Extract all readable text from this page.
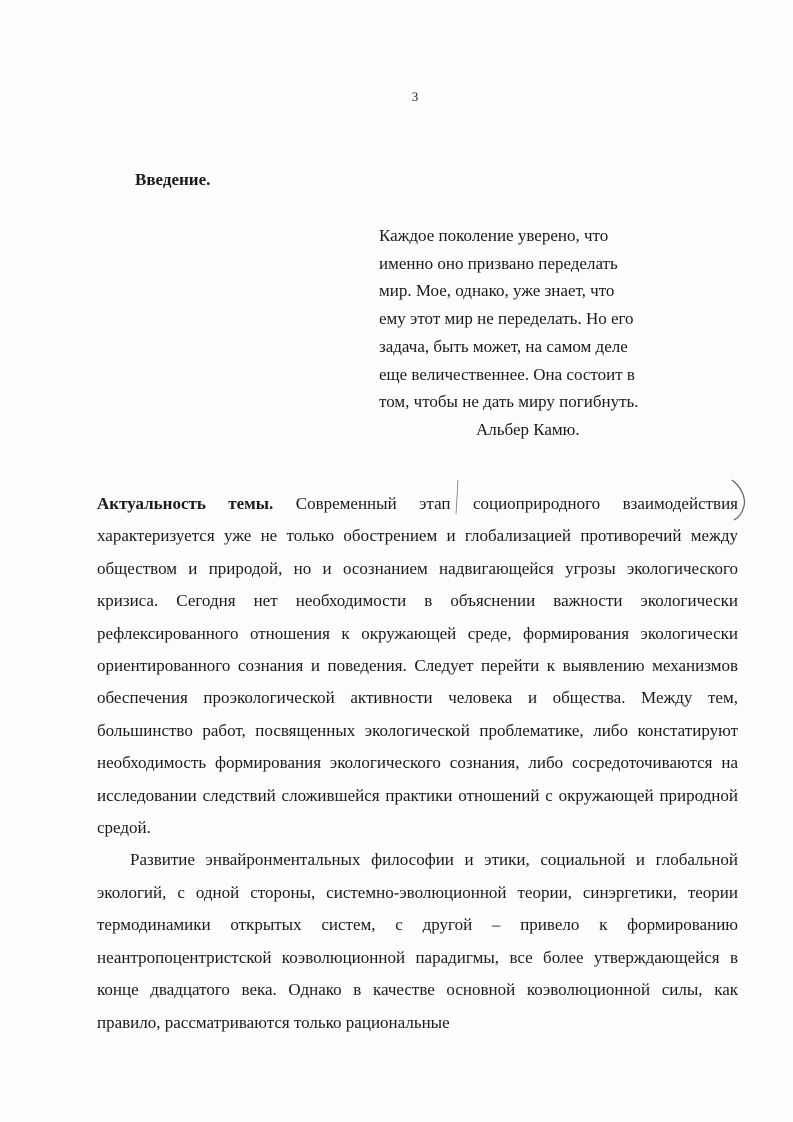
3
Введение.
Каждое поколение уверено, что
именно оно призвано переделать
мир. Мое, однако, уже знает, что
ему этот мир не переделать. Но его
задача, быть может, на самом деле
еще величественнее. Она состоит в
том, чтобы не дать миру погибнуть.
Альбер Камю.

Актуальность темы. Современный этап социоприродного взаимодействия характеризуется уже не только обострением и глобализацией противоречий между обществом и природой, но и осознанием надвигающейся угрозы экологического кризиса. Сегодня нет необходимости в объяснении важности экологически рефлексированного отношения к окружающей среде, формирования экологически ориентированного сознания и поведения. Следует перейти к выявлению механизмов обеспечения проэкологической активности человека и общества. Между тем, большинство работ, посвященных экологической проблематике, либо констатируют необходимость формирования экологического сознания, либо сосредоточиваются на исследовании следствий сложившейся практики отношений с окружающей природной средой.

Развитие энвайронментальных философии и этики, социальной и глобальной экологий, с одной стороны, системно-эволюционной теории, синэргетики, теории термодинамики открытых систем, с другой – привело к формированию неантропоцентристской коэволюционной парадигмы, все более утверждающейся в конце двадцатого века. Однако в качестве основной коэволюционной силы, как правило, рассматриваются только рациональные
